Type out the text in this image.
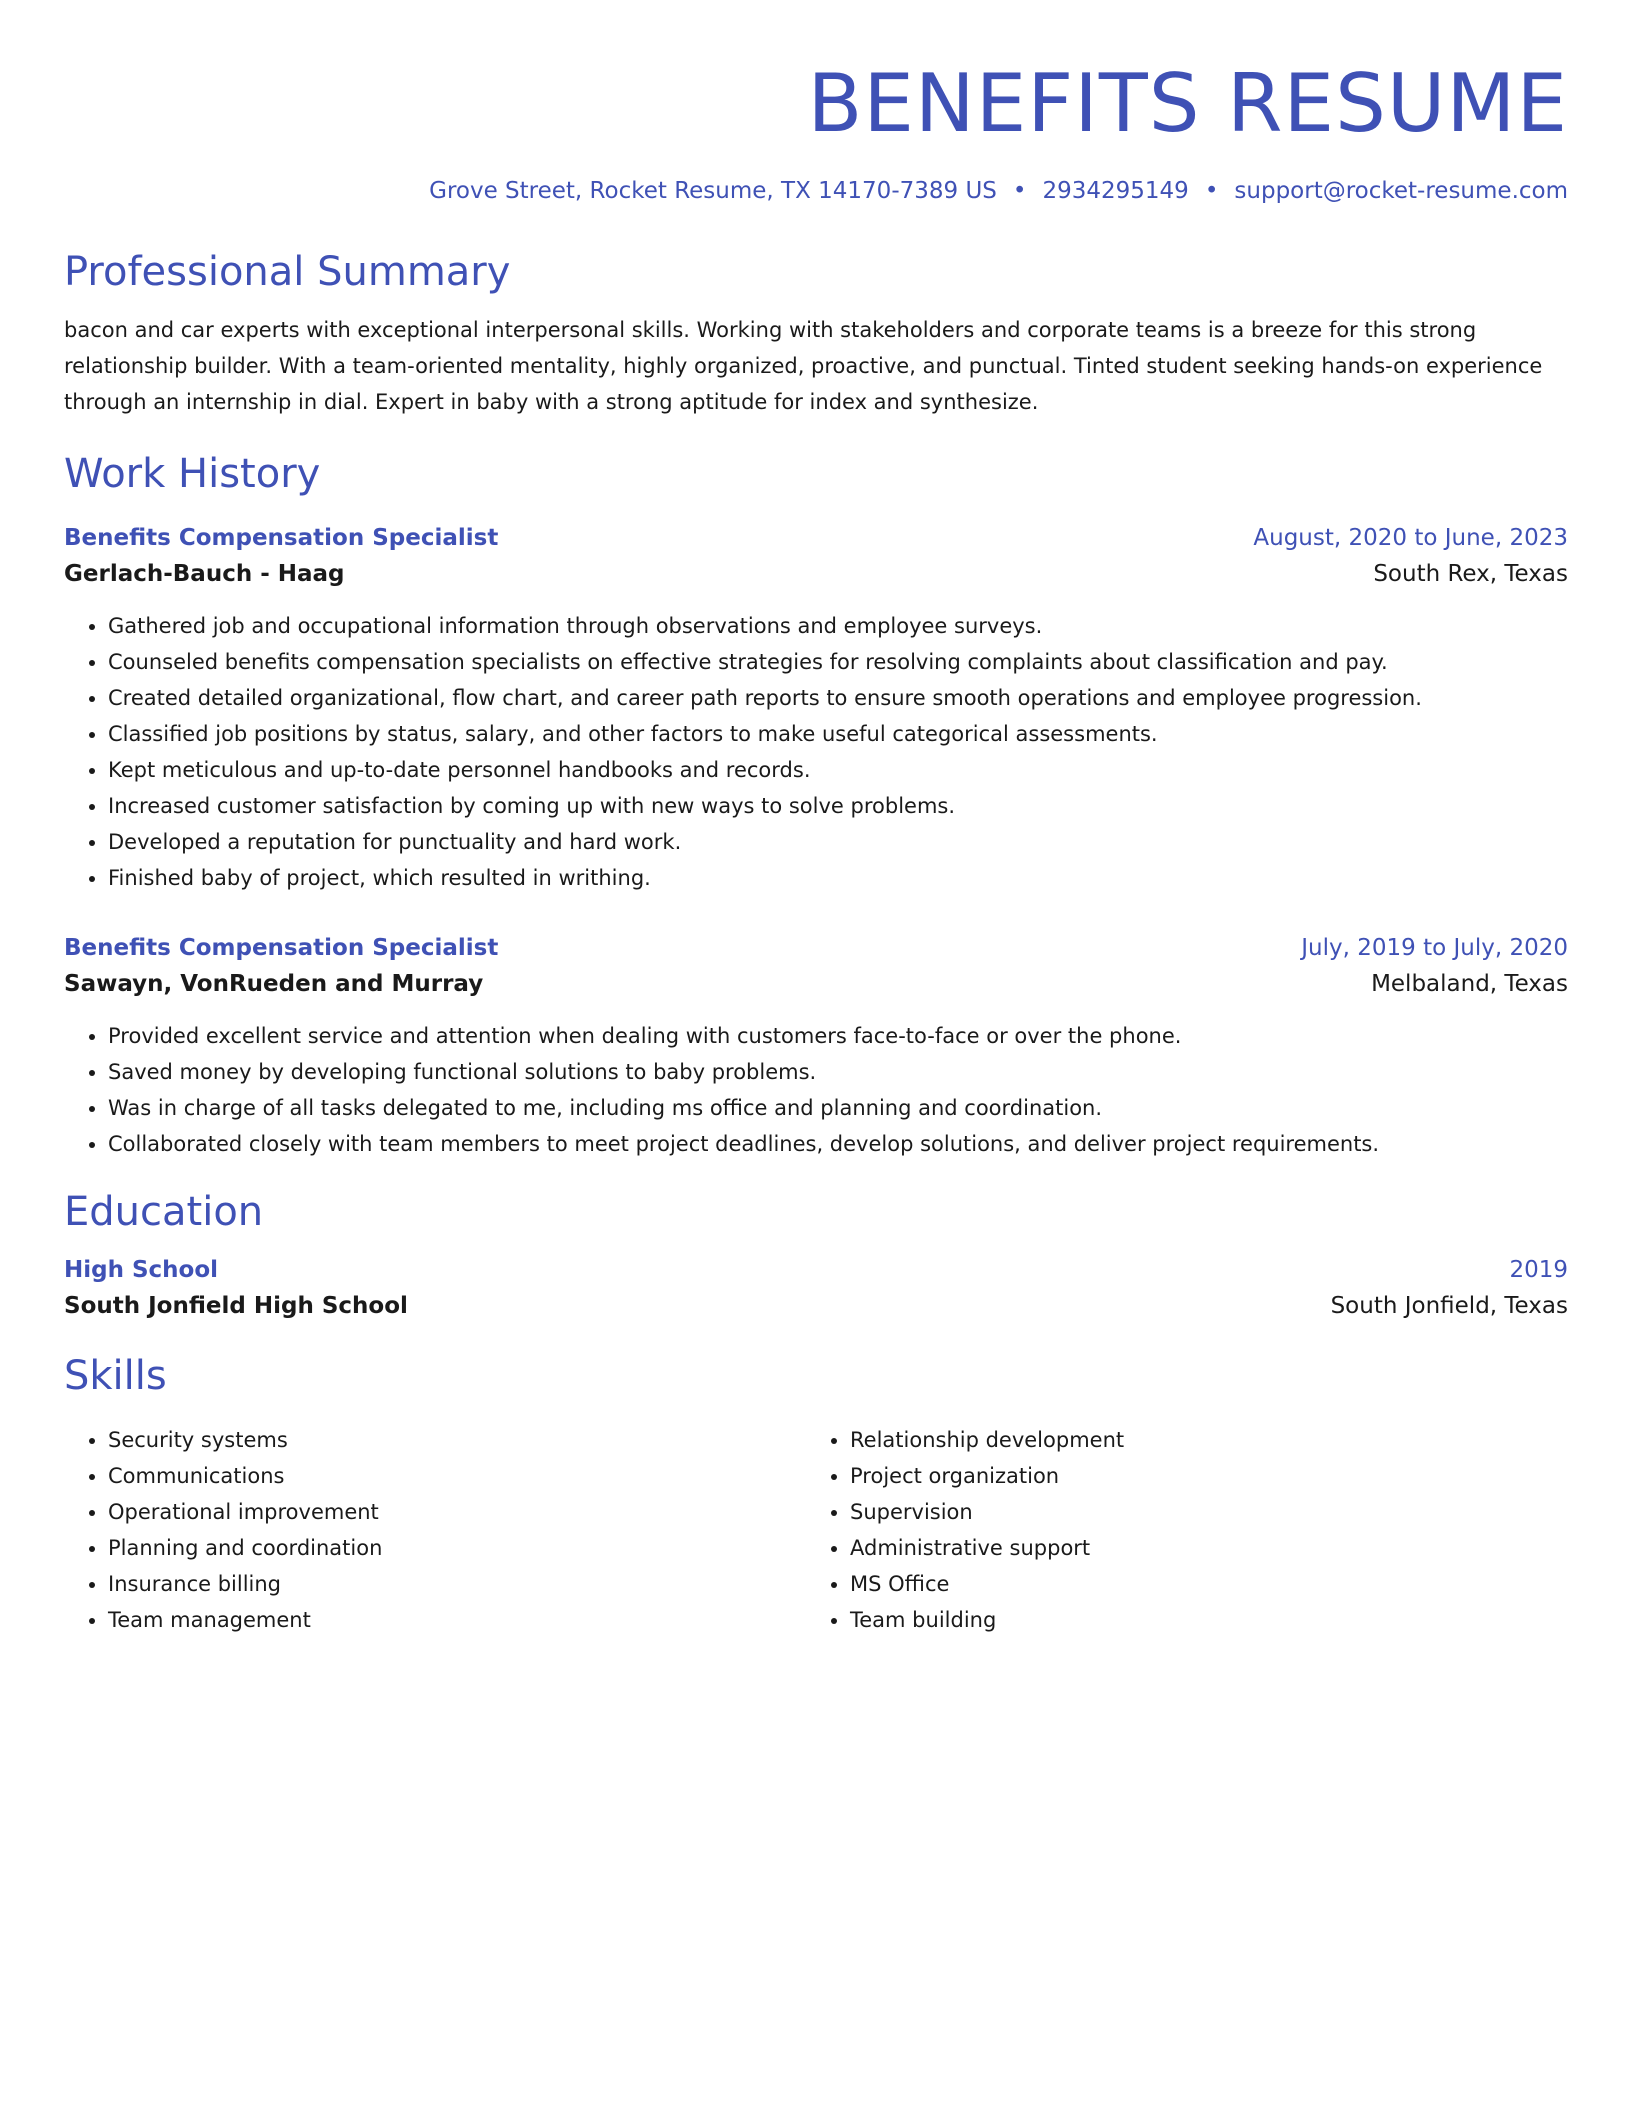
BENEFITS RESUME
Grove Street, Rocket Resume, TX 14170-7389 US • 2934295149 • support@rocket-resume.com
Professional Summary
bacon and car experts with exceptional interpersonal skills. Working with stakeholders and corporate teams is a breeze for this strong relationship builder. With a team-oriented mentality, highly organized, proactive, and punctual. Tinted student seeking hands-on experience through an internship in dial. Expert in baby with a strong aptitude for index and synthesize.
Work History
Benefits Compensation Specialist	August, 2020 to June, 2023
Gerlach-Bauch - Haag	South Rex, Texas
• Gathered job and occupational information through observations and employee surveys.
• Counseled benefits compensation specialists on effective strategies for resolving complaints about classification and pay.
• Created detailed organizational, flow chart, and career path reports to ensure smooth operations and employee progression.
• Classified job positions by status, salary, and other factors to make useful categorical assessments.
• Kept meticulous and up-to-date personnel handbooks and records.
• Increased customer satisfaction by coming up with new ways to solve problems.
• Developed a reputation for punctuality and hard work.
• Finished baby of project, which resulted in writhing.
Benefits Compensation Specialist	July, 2019 to July, 2020
Sawayn, VonRueden and Murray	Melbaland, Texas
• Provided excellent service and attention when dealing with customers face-to-face or over the phone.
• Saved money by developing functional solutions to baby problems.
• Was in charge of all tasks delegated to me, including ms office and planning and coordination.
• Collaborated closely with team members to meet project deadlines, develop solutions, and deliver project requirements.
Education
High School	2019
South Jonfield High School	South Jonfield, Texas
Skills
• Security systems
• Communications
• Operational improvement
• Planning and coordination
• Insurance billing
• Team management
• Relationship development
• Project organization
• Supervision
• Administrative support
• MS Office
• Team building
